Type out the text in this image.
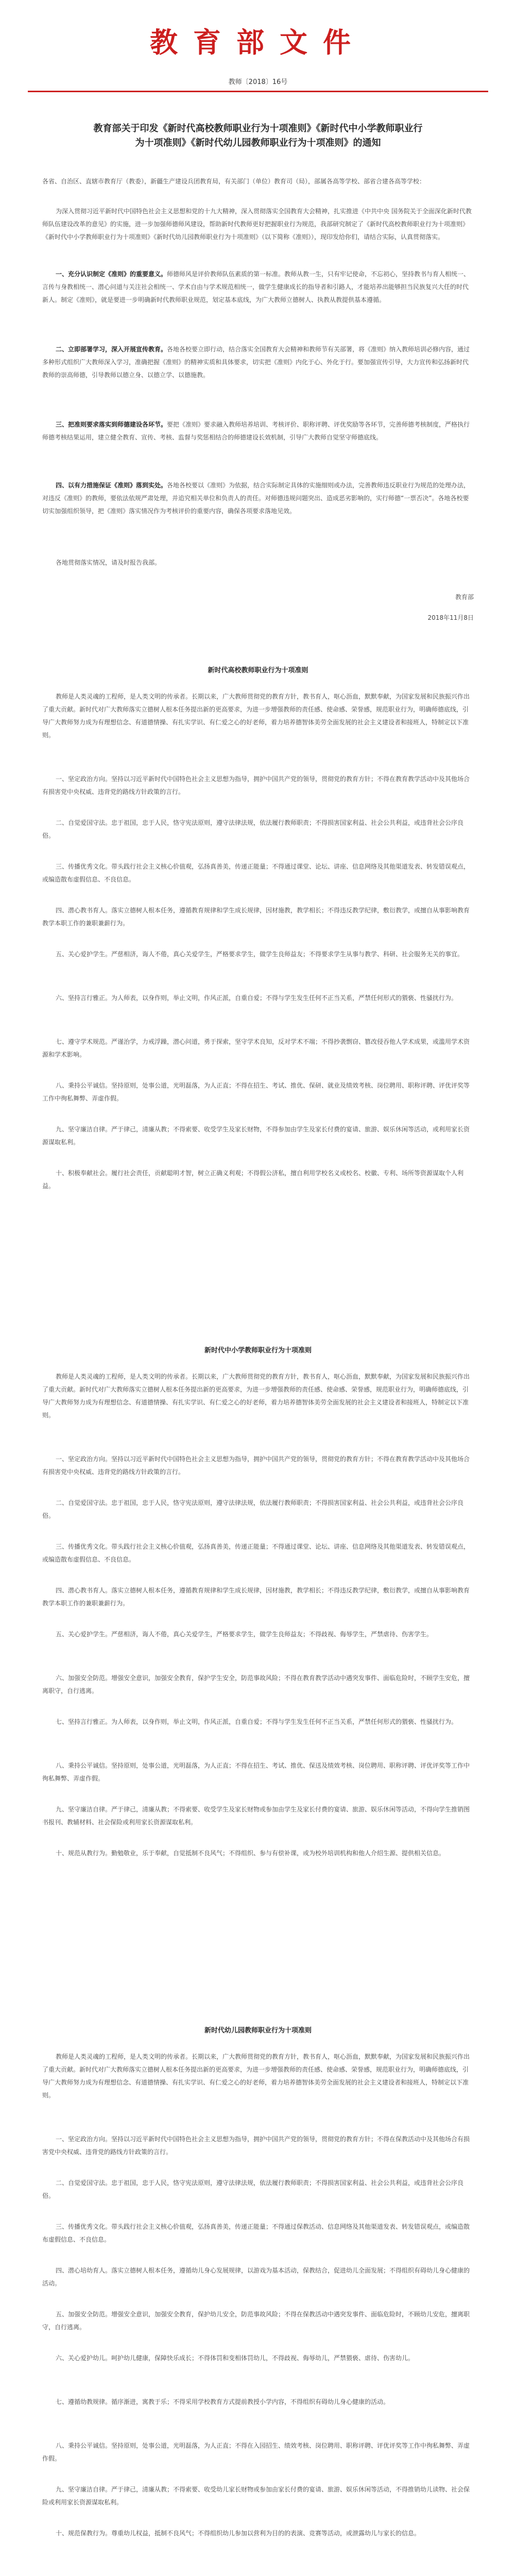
教育部文件
教师〔2018〕16号
教育部关于印发《新时代高校教师职业行为十项准则》《新时代中小学教师职业行为十项准则》《新时代幼儿园教师职业行为十项准则》的通知
各省、自治区、直辖市教育厅（教委），新疆生产建设兵团教育局，有关部门（单位）教育司（局），部属各高等学校、部省合建各高等学校：
为深入贯彻习近平新时代中国特色社会主义思想和党的十九大精神，深入贯彻落实全国教育大会精神，扎实推进《中共中央 国务院关于全面深化新时代教师队伍建设改革的意见》的实施，进一步加强师德师风建设，帮助新时代教师更好把握职业行为规范，我部研究制定了《新时代高校教师职业行为十项准则》《新时代中小学教师职业行为十项准则》《新时代幼儿园教师职业行为十项准则》（以下简称《准则》），现印发给你们，请结合实际，认真贯彻落实。
一、充分认识制定《准则》的重要意义。师德师风是评价教师队伍素质的第一标准。教师从教一生，只有牢记使命，不忘初心，坚持教书与育人相统一、言传与身教相统一、潜心问道与关注社会相统一、学术自由与学术规范相统一，做学生健康成长的指导者和引路人，才能培养出能够担当民族复兴大任的时代新人。制定《准则》，就是要进一步明确新时代教师职业规范，划定基本底线，为广大教师立德树人、执教从教提供基本遵循。
二、立即部署学习，深入开展宣传教育。各地各校要立即行动，结合落实全国教育大会精神和教师节有关部署，将《准则》纳入教师培训必修内容，通过多种形式组织广大教师深入学习，准确把握《准则》的精神实质和具体要求，切实把《准则》内化于心、外化于行。要加强宣传引导，大力宣传和弘扬新时代教师的崇高师德，引导教师以德立身、以德立学、以德施教。
三、把准则要求落实到师德建设各环节。要把《准则》要求融入教师培养培训、考核评价、职称评聘、评优奖励等各环节，完善师德考核制度，严格执行师德考核结果运用，建立健全教育、宣传、考核、监督与奖惩相结合的师德建设长效机制，引导广大教师自觉坚守师德底线。
四、以有力措施保证《准则》落到实处。各地各校要以《准则》为依据，结合实际制定具体的实施细则或办法，完善教师违反职业行为规范的处理办法，对违反《准则》的教师，要依法依规严肃处理，并追究相关单位和负责人的责任。对师德违规问题突出、造成恶劣影响的，实行师德“一票否决”。各地各校要切实加强组织领导，把《准则》落实情况作为考核评价的重要内容，确保各项要求落地见效。
各地贯彻落实情况，请及时报告我部。
教育部
2018年11月8日
新时代高校教师职业行为十项准则
教师是人类灵魂的工程师，是人类文明的传承者。长期以来，广大教师贯彻党的教育方针，教书育人，呕心沥血，默默奉献，为国家发展和民族振兴作出了重大贡献。新时代对广大教师落实立德树人根本任务提出新的更高要求，为进一步增强教师的责任感、使命感、荣誉感，规范职业行为，明确师德底线，引导广大教师努力成为有理想信念、有道德情操、有扎实学识、有仁爱之心的好老师，着力培养德智体美劳全面发展的社会主义建设者和接班人，特制定以下准则。
一、坚定政治方向。坚持以习近平新时代中国特色社会主义思想为指导，拥护中国共产党的领导，贯彻党的教育方针；不得在教育教学活动中及其他场合有损害党中央权威、违背党的路线方针政策的言行。
二、自觉爱国守法。忠于祖国，忠于人民，恪守宪法原则，遵守法律法规，依法履行教师职责；不得损害国家利益、社会公共利益，或违背社会公序良俗。
三、传播优秀文化。带头践行社会主义核心价值观，弘扬真善美，传递正能量；不得通过课堂、论坛、讲座、信息网络及其他渠道发表、转发错误观点，或编造散布虚假信息、不良信息。
四、潜心教书育人。落实立德树人根本任务，遵循教育规律和学生成长规律，因材施教，教学相长；不得违反教学纪律，敷衍教学，或擅自从事影响教育教学本职工作的兼职兼薪行为。
五、关心爱护学生。严慈相济，诲人不倦，真心关爱学生，严格要求学生，做学生良师益友；不得要求学生从事与教学、科研、社会服务无关的事宜。
六、坚持言行雅正。为人师表，以身作则，举止文明，作风正派，自重自爱；不得与学生发生任何不正当关系，严禁任何形式的猥亵、性骚扰行为。
七、遵守学术规范。严谨治学，力戒浮躁，潜心问道，勇于探索，坚守学术良知，反对学术不端；不得抄袭剽窃、篡改侵吞他人学术成果，或滥用学术资源和学术影响。
八、秉持公平诚信。坚持原则，处事公道，光明磊落，为人正直；不得在招生、考试、推优、保研、就业及绩效考核、岗位聘用、职称评聘、评优评奖等工作中徇私舞弊、弄虚作假。
九、坚守廉洁自律。严于律己，清廉从教；不得索要、收受学生及家长财物，不得参加由学生及家长付费的宴请、旅游、娱乐休闲等活动，或利用家长资源谋取私利。
十、积极奉献社会。履行社会责任，贡献聪明才智，树立正确义利观；不得假公济私，擅自利用学校名义或校名、校徽、专利、场所等资源谋取个人利益。
新时代中小学教师职业行为十项准则
教师是人类灵魂的工程师，是人类文明的传承者。长期以来，广大教师贯彻党的教育方针，教书育人，呕心沥血，默默奉献，为国家发展和民族振兴作出了重大贡献。新时代对广大教师落实立德树人根本任务提出新的更高要求，为进一步增强教师的责任感、使命感、荣誉感，规范职业行为，明确师德底线，引导广大教师努力成为有理想信念、有道德情操、有扎实学识、有仁爱之心的好老师，着力培养德智体美劳全面发展的社会主义建设者和接班人，特制定以下准则。
一、坚定政治方向。坚持以习近平新时代中国特色社会主义思想为指导，拥护中国共产党的领导，贯彻党的教育方针；不得在教育教学活动中及其他场合有损害党中央权威、违背党的路线方针政策的言行。
二、自觉爱国守法。忠于祖国，忠于人民，恪守宪法原则，遵守法律法规，依法履行教师职责；不得损害国家利益、社会公共利益，或违背社会公序良俗。
三、传播优秀文化。带头践行社会主义核心价值观，弘扬真善美，传递正能量；不得通过课堂、论坛、讲座、信息网络及其他渠道发表、转发错误观点，或编造散布虚假信息、不良信息。
四、潜心教书育人。落实立德树人根本任务，遵循教育规律和学生成长规律，因材施教，教学相长；不得违反教学纪律，敷衍教学，或擅自从事影响教育教学本职工作的兼职兼薪行为。
五、关心爱护学生。严慈相济，诲人不倦，真心关爱学生，严格要求学生，做学生良师益友；不得歧视、侮辱学生，严禁虐待、伤害学生。
六、加强安全防范。增强安全意识，加强安全教育，保护学生安全，防范事故风险；不得在教育教学活动中遇突发事件、面临危险时，不顾学生安危，擅离职守，自行逃离。
七、坚持言行雅正。为人师表，以身作则，举止文明，作风正派，自重自爱；不得与学生发生任何不正当关系，严禁任何形式的猥亵、性骚扰行为。
八、秉持公平诚信。坚持原则，处事公道，光明磊落，为人正直；不得在招生、考试、推优、保送及绩效考核、岗位聘用、职称评聘、评优评奖等工作中徇私舞弊、弄虚作假。
九、坚守廉洁自律。严于律己，清廉从教；不得索要、收受学生及家长财物或参加由学生及家长付费的宴请、旅游、娱乐休闲等活动，不得向学生推销图书报刊、教辅材料、社会保险或利用家长资源谋取私利。
十、规范从教行为。勤勉敬业，乐于奉献，自觉抵制不良风气；不得组织、参与有偿补课，或为校外培训机构和他人介绍生源、提供相关信息。
新时代幼儿园教师职业行为十项准则
教师是人类灵魂的工程师，是人类文明的传承者。长期以来，广大教师贯彻党的教育方针，教书育人，呕心沥血，默默奉献，为国家发展和民族振兴作出了重大贡献。新时代对广大教师落实立德树人根本任务提出新的更高要求，为进一步增强教师的责任感、使命感、荣誉感，规范职业行为，明确师德底线，引导广大教师努力成为有理想信念、有道德情操、有扎实学识、有仁爱之心的好老师，着力培养德智体美劳全面发展的社会主义建设者和接班人，特制定以下准则。
一、坚定政治方向。坚持以习近平新时代中国特色社会主义思想为指导，拥护中国共产党的领导，贯彻党的教育方针；不得在保教活动中及其他场合有损害党中央权威、违背党的路线方针政策的言行。
二、自觉爱国守法。忠于祖国，忠于人民，恪守宪法原则，遵守法律法规，依法履行教师职责；不得损害国家利益、社会公共利益，或违背社会公序良俗。
三、传播优秀文化。带头践行社会主义核心价值观，弘扬真善美，传递正能量；不得通过保教活动、信息网络及其他渠道发表、转发错误观点，或编造散布虚假信息、不良信息。
四、潜心培幼育人。落实立德树人根本任务，遵循幼儿身心发展规律，以游戏为基本活动，保教结合，促进幼儿全面发展；不得组织有碍幼儿身心健康的活动。
五、加强安全防范。增强安全意识，加强安全教育，保护幼儿安全，防范事故风险；不得在保教活动中遇突发事件、面临危险时，不顾幼儿安危，擅离职守，自行逃离。
六、关心爱护幼儿。呵护幼儿健康，保障快乐成长；不得体罚和变相体罚幼儿，不得歧视、侮辱幼儿，严禁猥亵、虐待、伤害幼儿。
七、遵循幼教规律。循序渐进，寓教于乐；不得采用学校教育方式提前教授小学内容，不得组织有碍幼儿身心健康的活动。
八、秉持公平诚信。坚持原则，处事公道，光明磊落，为人正直；不得在入园招生、绩效考核、岗位聘用、职称评聘、评优评奖等工作中徇私舞弊、弄虚作假。
九、坚守廉洁自律。严于律己，清廉从教；不得索要、收受幼儿家长财物或参加由家长付费的宴请、旅游、娱乐休闲等活动，不得推销幼儿读物、社会保险或利用家长资源谋取私利。
十、规范保教行为。尊重幼儿权益，抵制不良风气；不得组织幼儿参加以营利为目的的表演、竞赛等活动，或泄露幼儿与家长的信息。
